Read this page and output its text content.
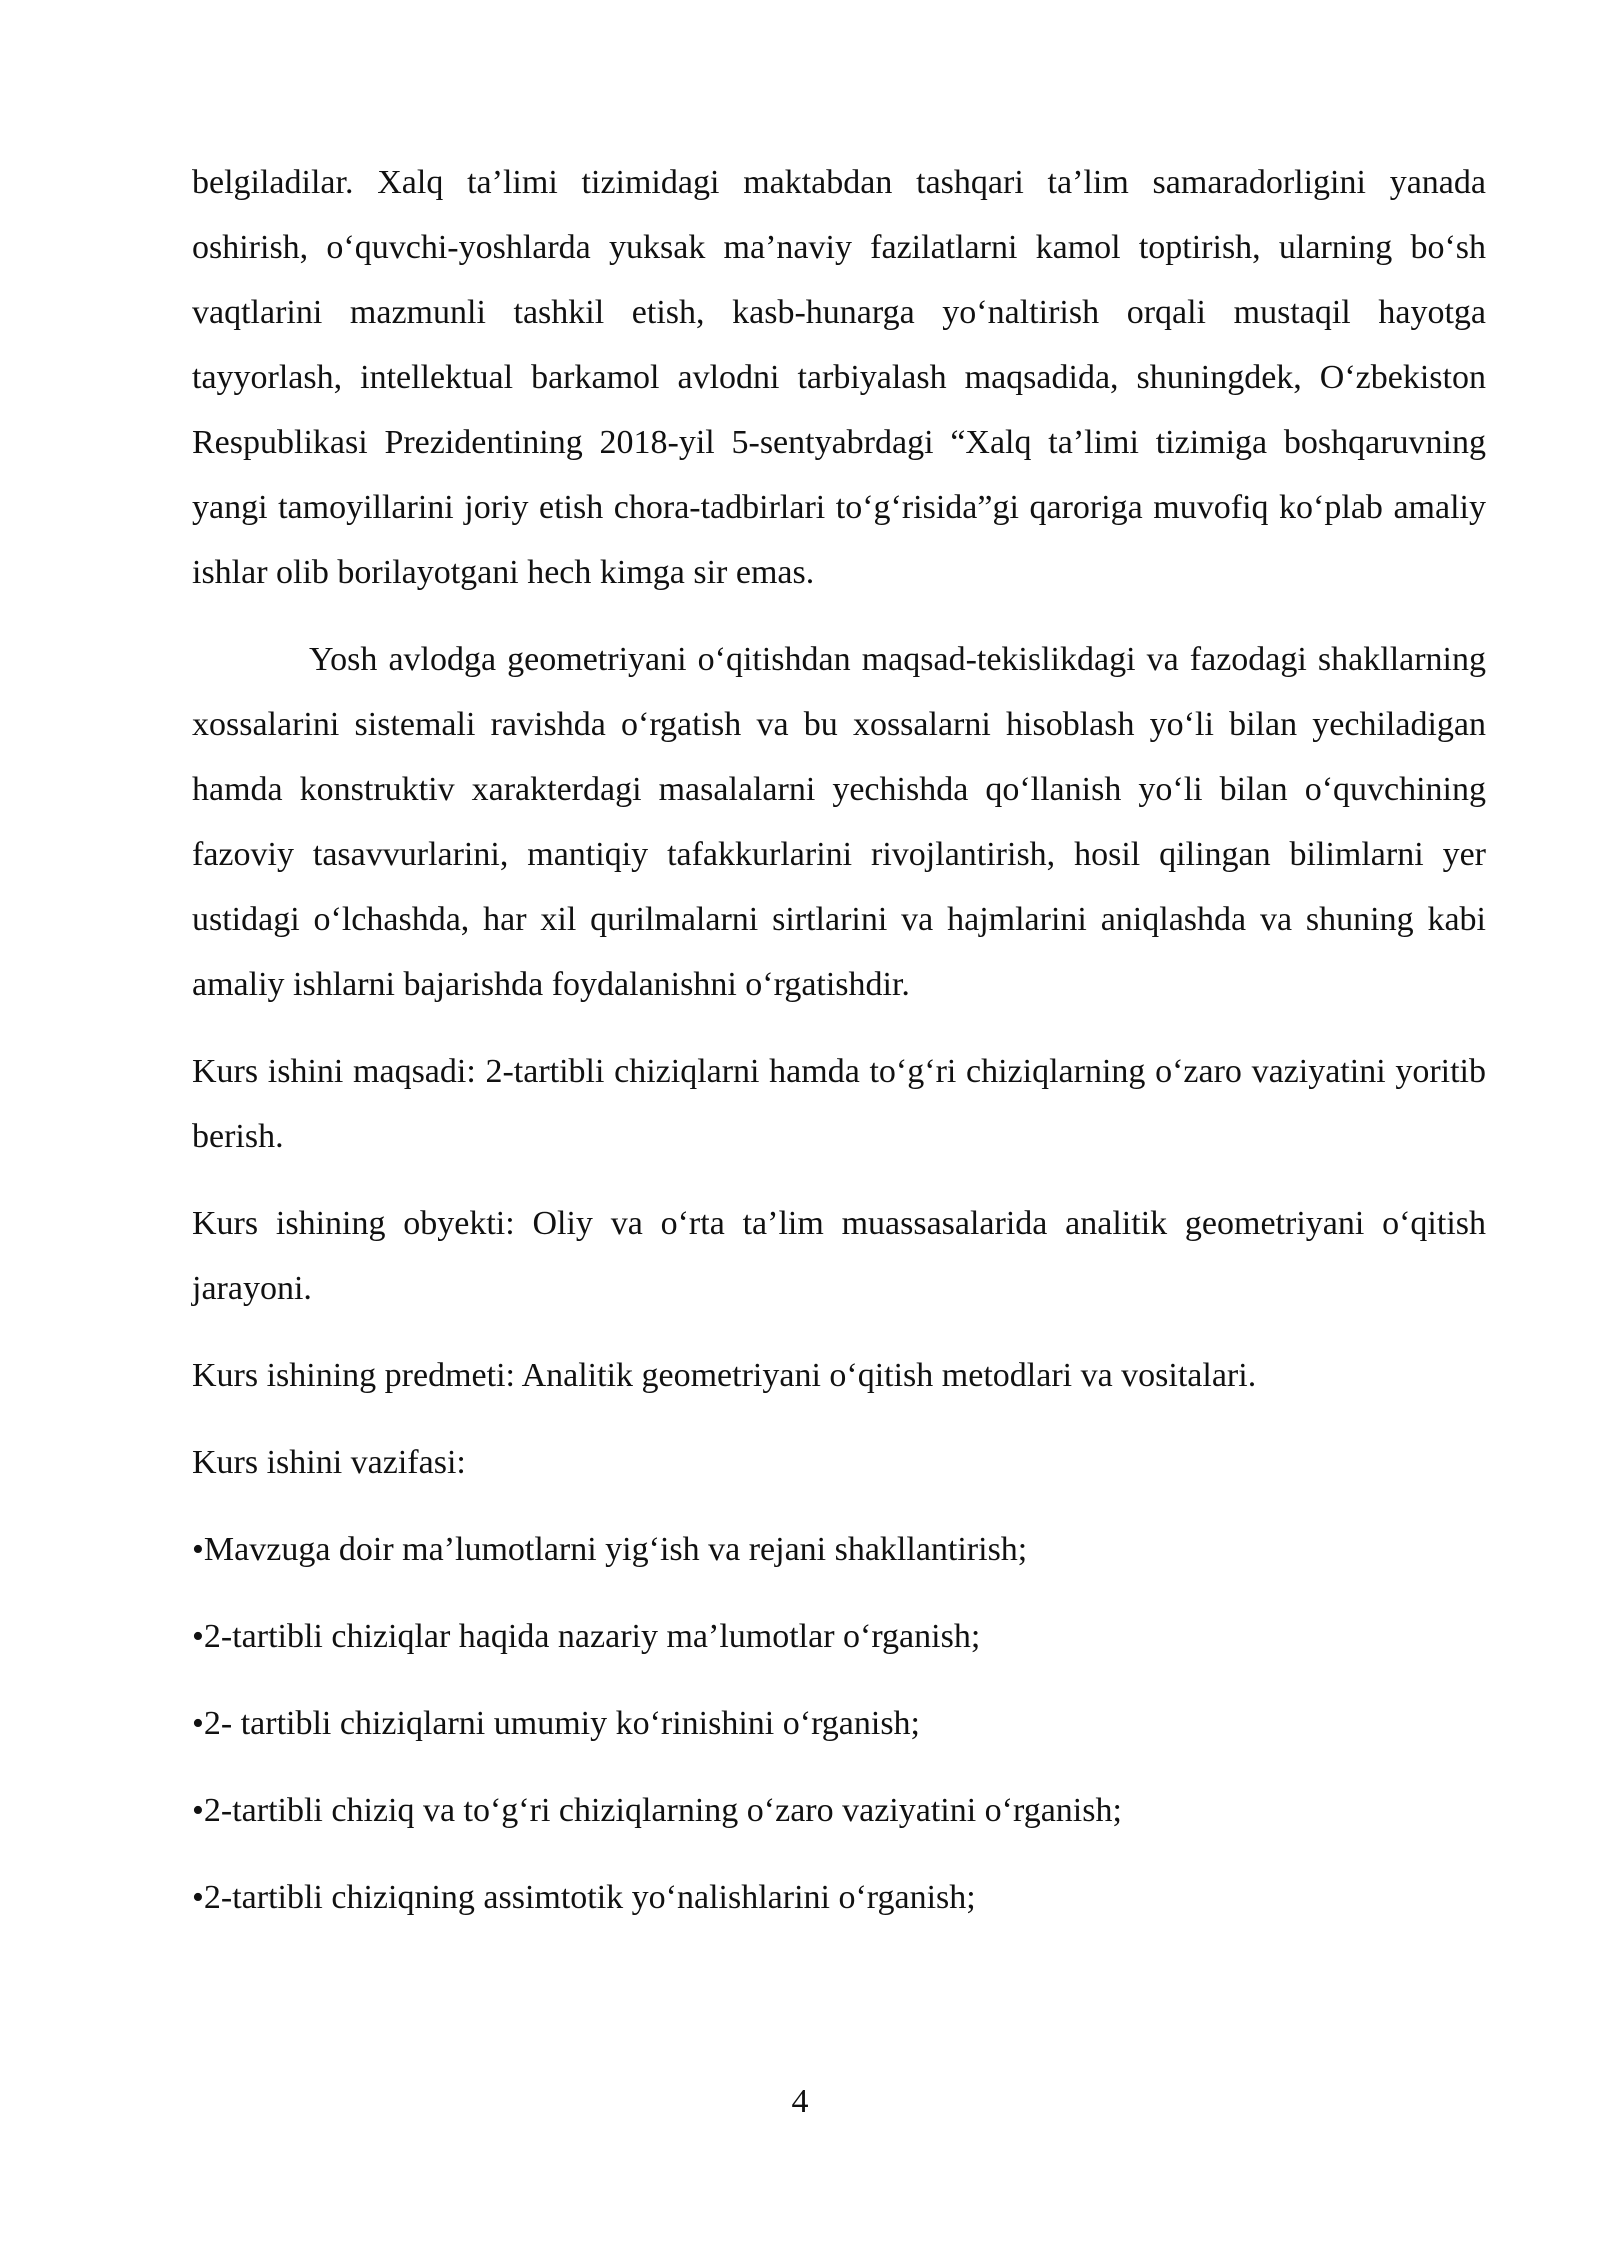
belgiladilar. Xalq ta’limi tizimidagi maktabdan tashqari ta’lim samaradorligini yanada oshirish, o‘quvchi-yoshlarda yuksak ma’naviy fazilatlarni kamol toptirish, ularning bo‘sh vaqtlarini mazmunli tashkil etish, kasb-hunarga yo‘naltirish orqali mustaqil hayotga tayyorlash, intellektual barkamol avlodni tarbiyalash maqsadida, shuningdek, O‘zbekiston Respublikasi Prezidentining 2018-yil 5-sentyabrdagi “Xalq ta’limi tizimiga boshqaruvning yangi tamoyillarini joriy etish chora-tadbirlari to‘g‘risida”gi qaroriga muvofiq ko‘plab amaliy ishlar olib borilayotgani hech kimga sir emas.

Yosh avlodga geometriyani o‘qitishdan maqsad-tekislikdagi va fazodagi shakllarning xossalarini sistemali ravishda o‘rgatish va bu xossalarni hisoblash yo‘li bilan yechiladigan hamda konstruktiv xarakterdagi masalalarni yechishda qo‘llanish yo‘li bilan o‘quvchining fazoviy tasavvurlarini, mantiqiy tafakkurlarini rivojlantirish, hosil qilingan bilimlarni yer ustidagi o‘lchashda, har xil qurilmalarni sirtlarini va hajmlarini aniqlashda va shuning kabi amaliy ishlarni bajarishda foydalanishni o‘rgatishdir.

Kurs ishini maqsadi: 2-tartibli chiziqlarni hamda to‘g‘ri chiziqlarning o‘zaro vaziyatini yoritib berish.

Kurs ishining obyekti: Oliy va o‘rta ta’lim muassasalarida analitik geometriyani o‘qitish jarayoni.

Kurs ishining predmeti: Analitik geometriyani o‘qitish metodlari va vositalari.

Kurs ishini vazifasi:

•Mavzuga doir ma’lumotlarni yig‘ish va rejani shakllantirish;

•2-tartibli chiziqlar haqida nazariy ma’lumotlar o‘rganish;

•2- tartibli chiziqlarni umumiy ko‘rinishini o‘rganish;

•2-tartibli chiziq va to‘g‘ri chiziqlarning o‘zaro vaziyatini o‘rganish;

•2-tartibli chiziqning assimtotik yo‘nalishlarini o‘rganish;

4
